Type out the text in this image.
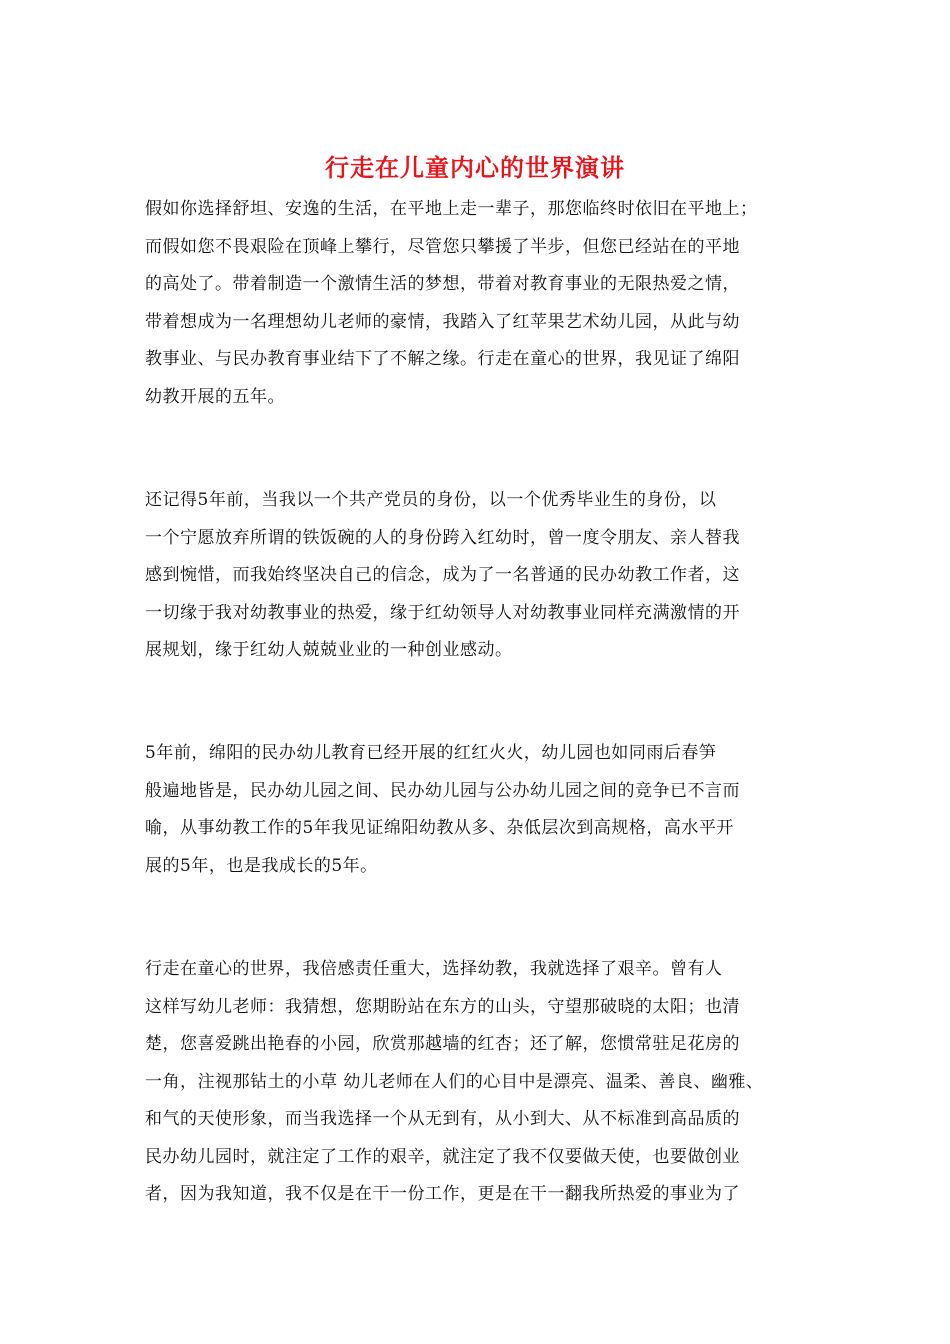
行走在儿童内心的世界演讲
假如你选择舒坦、安逸的生活，在平地上走一辈子，那您临终时依旧在平地上；
而假如您不畏艰险在顶峰上攀行，尽管您只攀援了半步，但您已经站在的平地
的高处了。带着制造一个激情生活的梦想，带着对教育事业的无限热爱之情，
带着想成为一名理想幼儿老师的豪情，我踏入了红苹果艺术幼儿园，从此与幼
教事业、与民办教育事业结下了不解之缘。行走在童心的世界，我见证了绵阳
幼教开展的五年。
还记得5年前，当我以一个共产党员的身份，以一个优秀毕业生的身份，以
一个宁愿放弃所谓的铁饭碗的人的身份跨入红幼时，曾一度令朋友、亲人替我
感到惋惜，而我始终坚决自己的信念，成为了一名普通的民办幼教工作者，这
一切缘于我对幼教事业的热爱，缘于红幼领导人对幼教事业同样充满激情的开
展规划，缘于红幼人兢兢业业的一种创业感动。
5年前，绵阳的民办幼儿教育已经开展的红红火火，幼儿园也如同雨后春笋
般遍地皆是，民办幼儿园之间、民办幼儿园与公办幼儿园之间的竞争已不言而
喻，从事幼教工作的5年我见证绵阳幼教从多、杂低层次到高规格，高水平开
展的5年，也是我成长的5年。
行走在童心的世界，我倍感责任重大，选择幼教，我就选择了艰辛。曾有人
这样写幼儿老师：我猜想，您期盼站在东方的山头，守望那破晓的太阳；也清
楚，您喜爱跳出艳春的小园，欣赏那越墙的红杏；还了解，您惯常驻足花房的
一角，注视那钻土的小草 幼儿老师在人们的心目中是漂亮、温柔、善良、幽雅、
和气的天使形象，而当我选择一个从无到有，从小到大、从不标准到高品质的
民办幼儿园时，就注定了工作的艰辛，就注定了我不仅要做天使，也要做创业
者，因为我知道，我不仅是在干一份工作，更是在干一翻我所热爱的事业为了
